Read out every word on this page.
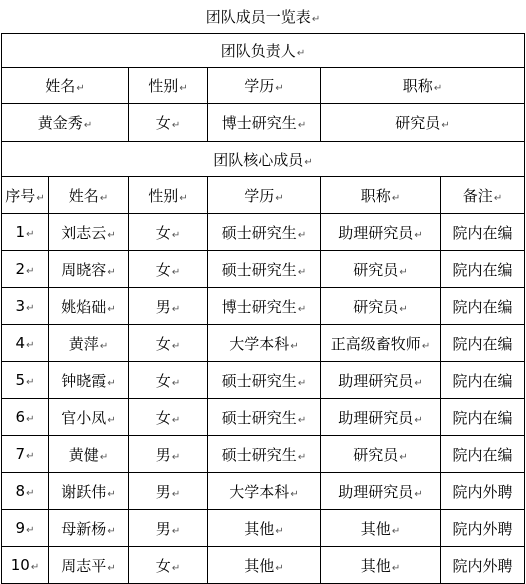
团队成员一览表↵
团队负责人↵					
姓名↵		性别↵	学历↵	职称↵	
黄金秀↵		女↵	博士研究生↵	研究员↵	
团队核心成员↵					
序号↵	姓名↵	性别↵	学历↵	职称↵	备注↵
1↵	刘志云↵	女↵	硕士研究生↵	助理研究员↵	院内在编
2↵	周晓容↵	女↵	硕士研究生↵	研究员↵	院内在编
3↵	姚焰础↵	男↵	博士研究生↵	研究员↵	院内在编
4↵	黄萍↵	女↵	大学本科↵	正高级畜牧师↵	院内在编
5↵	钟晓霞↵	女↵	硕士研究生↵	助理研究员↵	院内在编
6↵	官小凤↵	女↵	硕士研究生↵	助理研究员↵	院内在编
7↵	黄健↵	男↵	硕士研究生↵	研究员↵	院内在编
8↵	谢跃伟↵	男↵	大学本科↵	助理研究员↵	院内外聘
9↵	母新杨↵	男↵	其他↵	其他↵	院内外聘
10↵	周志平↵	女↵	其他↵	其他↵	院内外聘
